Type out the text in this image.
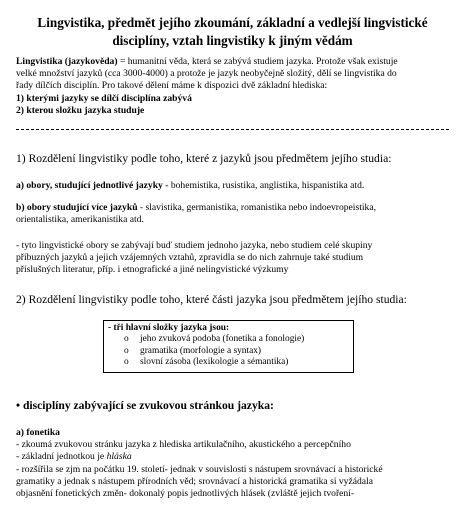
Lingvistika, předmět jejího zkoumání, základní a vedlejší lingvistické
disciplíny, vztah lingvistiky k jiným vědám
Lingvistika (jazykověda) = humanitní věda, která se zabývá studiem jazyka. Protože však existuje
velké množství jazyků (cca 3000-4000) a protože je jazyk neobyčejně složitý, dělí se lingvistika do
řady dílčích disciplín. Pro takové dělení máme k dispozici dvě základní hlediska:
1) kterými jazyky se dílčí disciplína zabývá
2) kterou složku jazyka studuje
1) Rozdělení lingvistiky podle toho, které z jazyků jsou předmětem jejího studia:
a) obory, studující jednotlivé jazyky - bohemistika, rusistika, anglistika, hispanistika atd.
b) obory studující více jazyků - slavistika, germanistika, romanistika nebo indoevropeistika,
orientalistika, amerikanistika atd.
- tyto lingvistické obory se zabývají buď studiem jednoho jazyka, nebo studiem celé skupiny
příbuzných jazyků a jejich vzájemných vztahů, zpravidla se do nich zahrnuje také studium
příslušných literatur, příp. i etnografické a jiné nelingvistické výzkumy
2) Rozdělení lingvistiky podle toho, které části jazyka jsou předmětem jejího studia:
- tři hlavní složky jazyka jsou:
o jeho zvuková podoba (fonetika a fonologie)
o gramatika (morfologie a syntax)
o slovní zásoba (lexikologie a sémantika)
• disciplíny zabývající se zvukovou stránkou jazyka:
a) fonetika
- zkoumá zvukovou stránku jazyka z hlediska artikulačního, akustického a percepčního
- základní jednotkou je hláska
- rozšířila se zjm na počátku 19. století- jednak v souvislosti s nástupem srovnávací a historické
gramatiky a jednak s nástupem přírodních věd; srovnávací a historická gramatika si vyžádala
objasnění fonetických změn- dokonalý popis jednotlivých hlásek (zvláště jejich tvoření-
